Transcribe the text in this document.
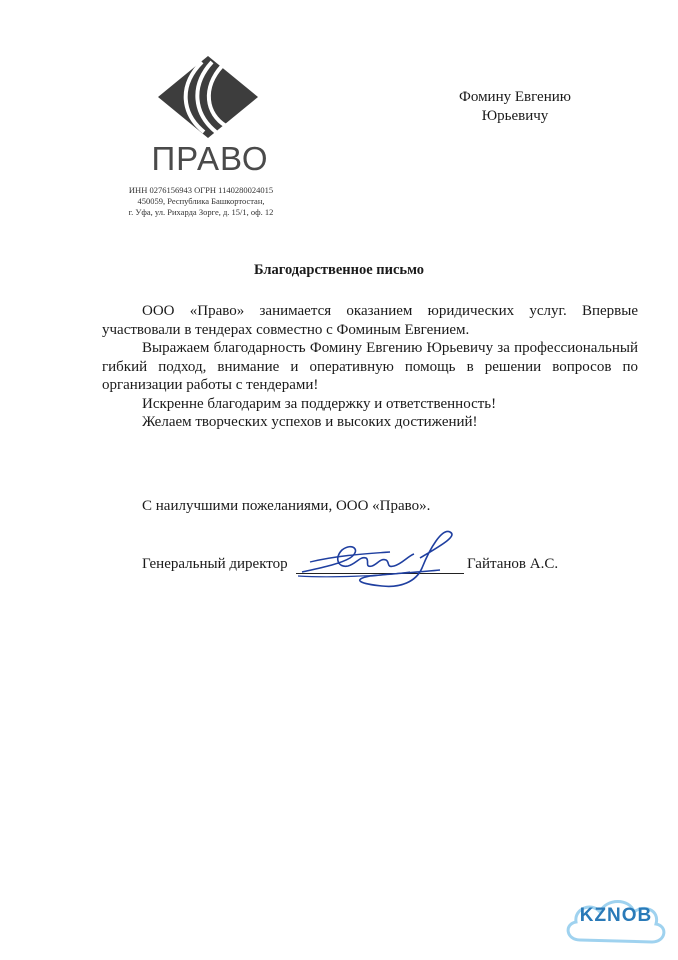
ПРАВО
ИНН 0276156943 ОГРН 1140280024015
450059, Республика Башкортостан,
г. Уфа, ул. Рихарда Зорге, д. 15/1, оф. 12
Фомину Евгению
Юрьевичу
Благодарственное письмо

ООО «Право» занимается оказанием юридических услуг. Впервые участвовали в тендерах совместно с Фоминым Евгением.

Выражаем благодарность Фомину Евгению Юрьевичу за профессиональный гибкий подход, внимание и оперативную помощь в решении вопросов по организации работы с тендерами!

Искренне благодарим за поддержку и ответственность!

Желаем творческих успехов и высоких достижений!

С наилучшими пожеланиями, ООО «Право».
Генеральный директор	Гайтанов А.С.
KZNOB
